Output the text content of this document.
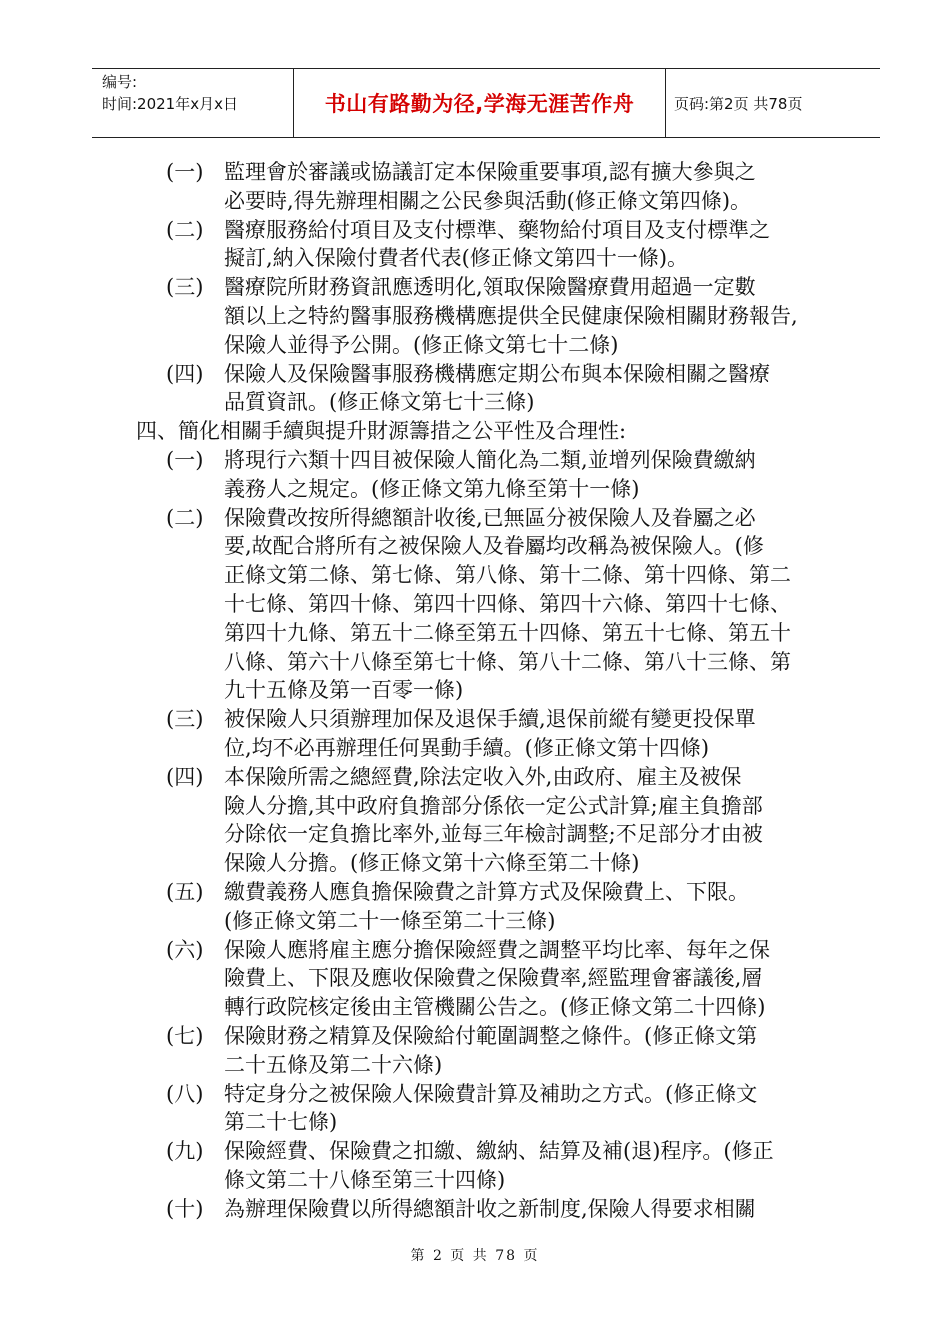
编号:
时间:2021年x月x日	书山有路勤为径,学海无涯苦作舟	页码:第2页 共78页

(一) 監理會於審議或協議訂定本保險重要事項,認有擴大參與之
必要時,得先辦理相關之公民參與活動(修正條文第四條)。

(二) 醫療服務給付項目及支付標準、藥物給付項目及支付標準之
擬訂,納入保險付費者代表(修正條文第四十一條)。

(三) 醫療院所財務資訊應透明化,領取保險醫療費用超過一定數
額以上之特約醫事服務機構應提供全民健康保險相關財務報告,
保險人並得予公開。(修正條文第七十二條)

(四) 保險人及保險醫事服務機構應定期公布與本保險相關之醫療
品質資訊。(修正條文第七十三條)

四、簡化相關手續與提升財源籌措之公平性及合理性:

(一) 將現行六類十四目被保險人簡化為二類,並增列保險費繳納
義務人之規定。(修正條文第九條至第十一條)

(二) 保險費改按所得總額計收後,已無區分被保險人及眷屬之必
要,故配合將所有之被保險人及眷屬均改稱為被保險人。(修
正條文第二條、第七條、第八條、第十二條、第十四條、第二
十七條、第四十條、第四十四條、第四十六條、第四十七條、
第四十九條、第五十二條至第五十四條、第五十七條、第五十
八條、第六十八條至第七十條、第八十二條、第八十三條、第
九十五條及第一百零一條)

(三) 被保險人只須辦理加保及退保手續,退保前縱有變更投保單
位,均不必再辦理任何異動手續。(修正條文第十四條)

(四) 本保險所需之總經費,除法定收入外,由政府、雇主及被保
險人分擔,其中政府負擔部分係依一定公式計算;雇主負擔部
分除依一定負擔比率外,並每三年檢討調整;不足部分才由被
保險人分擔。(修正條文第十六條至第二十條)

(五) 繳費義務人應負擔保險費之計算方式及保險費上、下限。
(修正條文第二十一條至第二十三條)

(六) 保險人應將雇主應分擔保險經費之調整平均比率、每年之保
險費上、下限及應收保險費之保險費率,經監理會審議後,層
轉行政院核定後由主管機關公告之。(修正條文第二十四條)

(七) 保險財務之精算及保險給付範圍調整之條件。(修正條文第
二十五條及第二十六條)

(八) 特定身分之被保險人保險費計算及補助之方式。(修正條文
第二十七條)

(九) 保險經費、保險費之扣繳、繳納、結算及補(退)程序。(修正
條文第二十八條至第三十四條)

(十) 為辦理保險費以所得總額計收之新制度,保險人得要求相關

第 2 页 共 78 页
